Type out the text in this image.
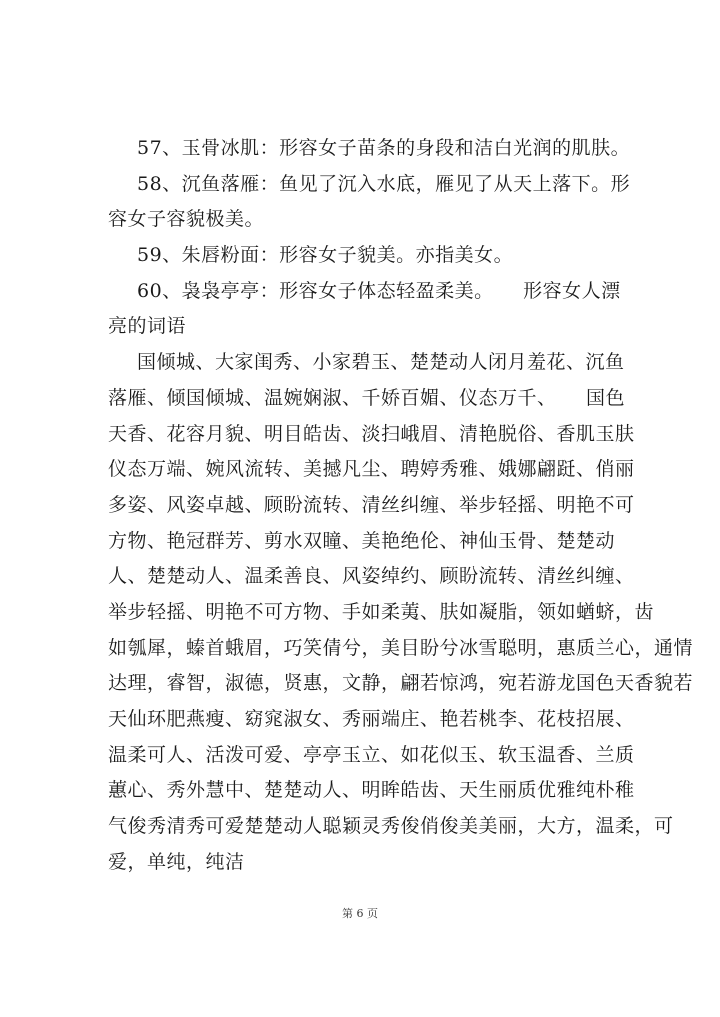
57、玉骨冰肌：形容女子苗条的身段和洁白光润的肌肤。
58、沉鱼落雁：鱼见了沉入水底，雁见了从天上落下。形
容女子容貌极美。
59、朱唇粉面：形容女子貌美。亦指美女。
60、袅袅亭亭：形容女子体态轻盈柔美。　　形容女人漂
亮的词语
国倾城、大家闺秀、小家碧玉、楚楚动人闭月羞花、沉鱼
落雁、倾国倾城、温婉娴淑、千娇百媚、仪态万千、　　国色
天香、花容月貌、明目皓齿、淡扫峨眉、清艳脱俗、香肌玉肤
仪态万端、婉风流转、美撼凡尘、聘婷秀雅、娥娜翩跹、俏丽
多姿、风姿卓越、顾盼流转、清丝纠缠、举步轻摇、明艳不可
方物、艳冠群芳、剪水双瞳、美艳绝伦、神仙玉骨、楚楚动
人、楚楚动人、温柔善良、风姿绰约、顾盼流转、清丝纠缠、
举步轻摇、明艳不可方物、手如柔荑、肤如凝脂，领如蝤蛴，齿
如瓠犀，螓首蛾眉，巧笑倩兮，美目盼兮冰雪聪明，惠质兰心，通情
达理，睿智，淑德，贤惠，文静，翩若惊鸿，宛若游龙国色天香貌若
天仙环肥燕瘦、窈窕淑女、秀丽端庄、艳若桃李、花枝招展、
温柔可人、活泼可爱、亭亭玉立、如花似玉、软玉温香、兰质
蕙心、秀外慧中、楚楚动人、明眸皓齿、天生丽质优雅纯朴稚
气俊秀清秀可爱楚楚动人聪颖灵秀俊俏俊美美丽，大方，温柔，可
爱，单纯，纯洁
第 6 页
